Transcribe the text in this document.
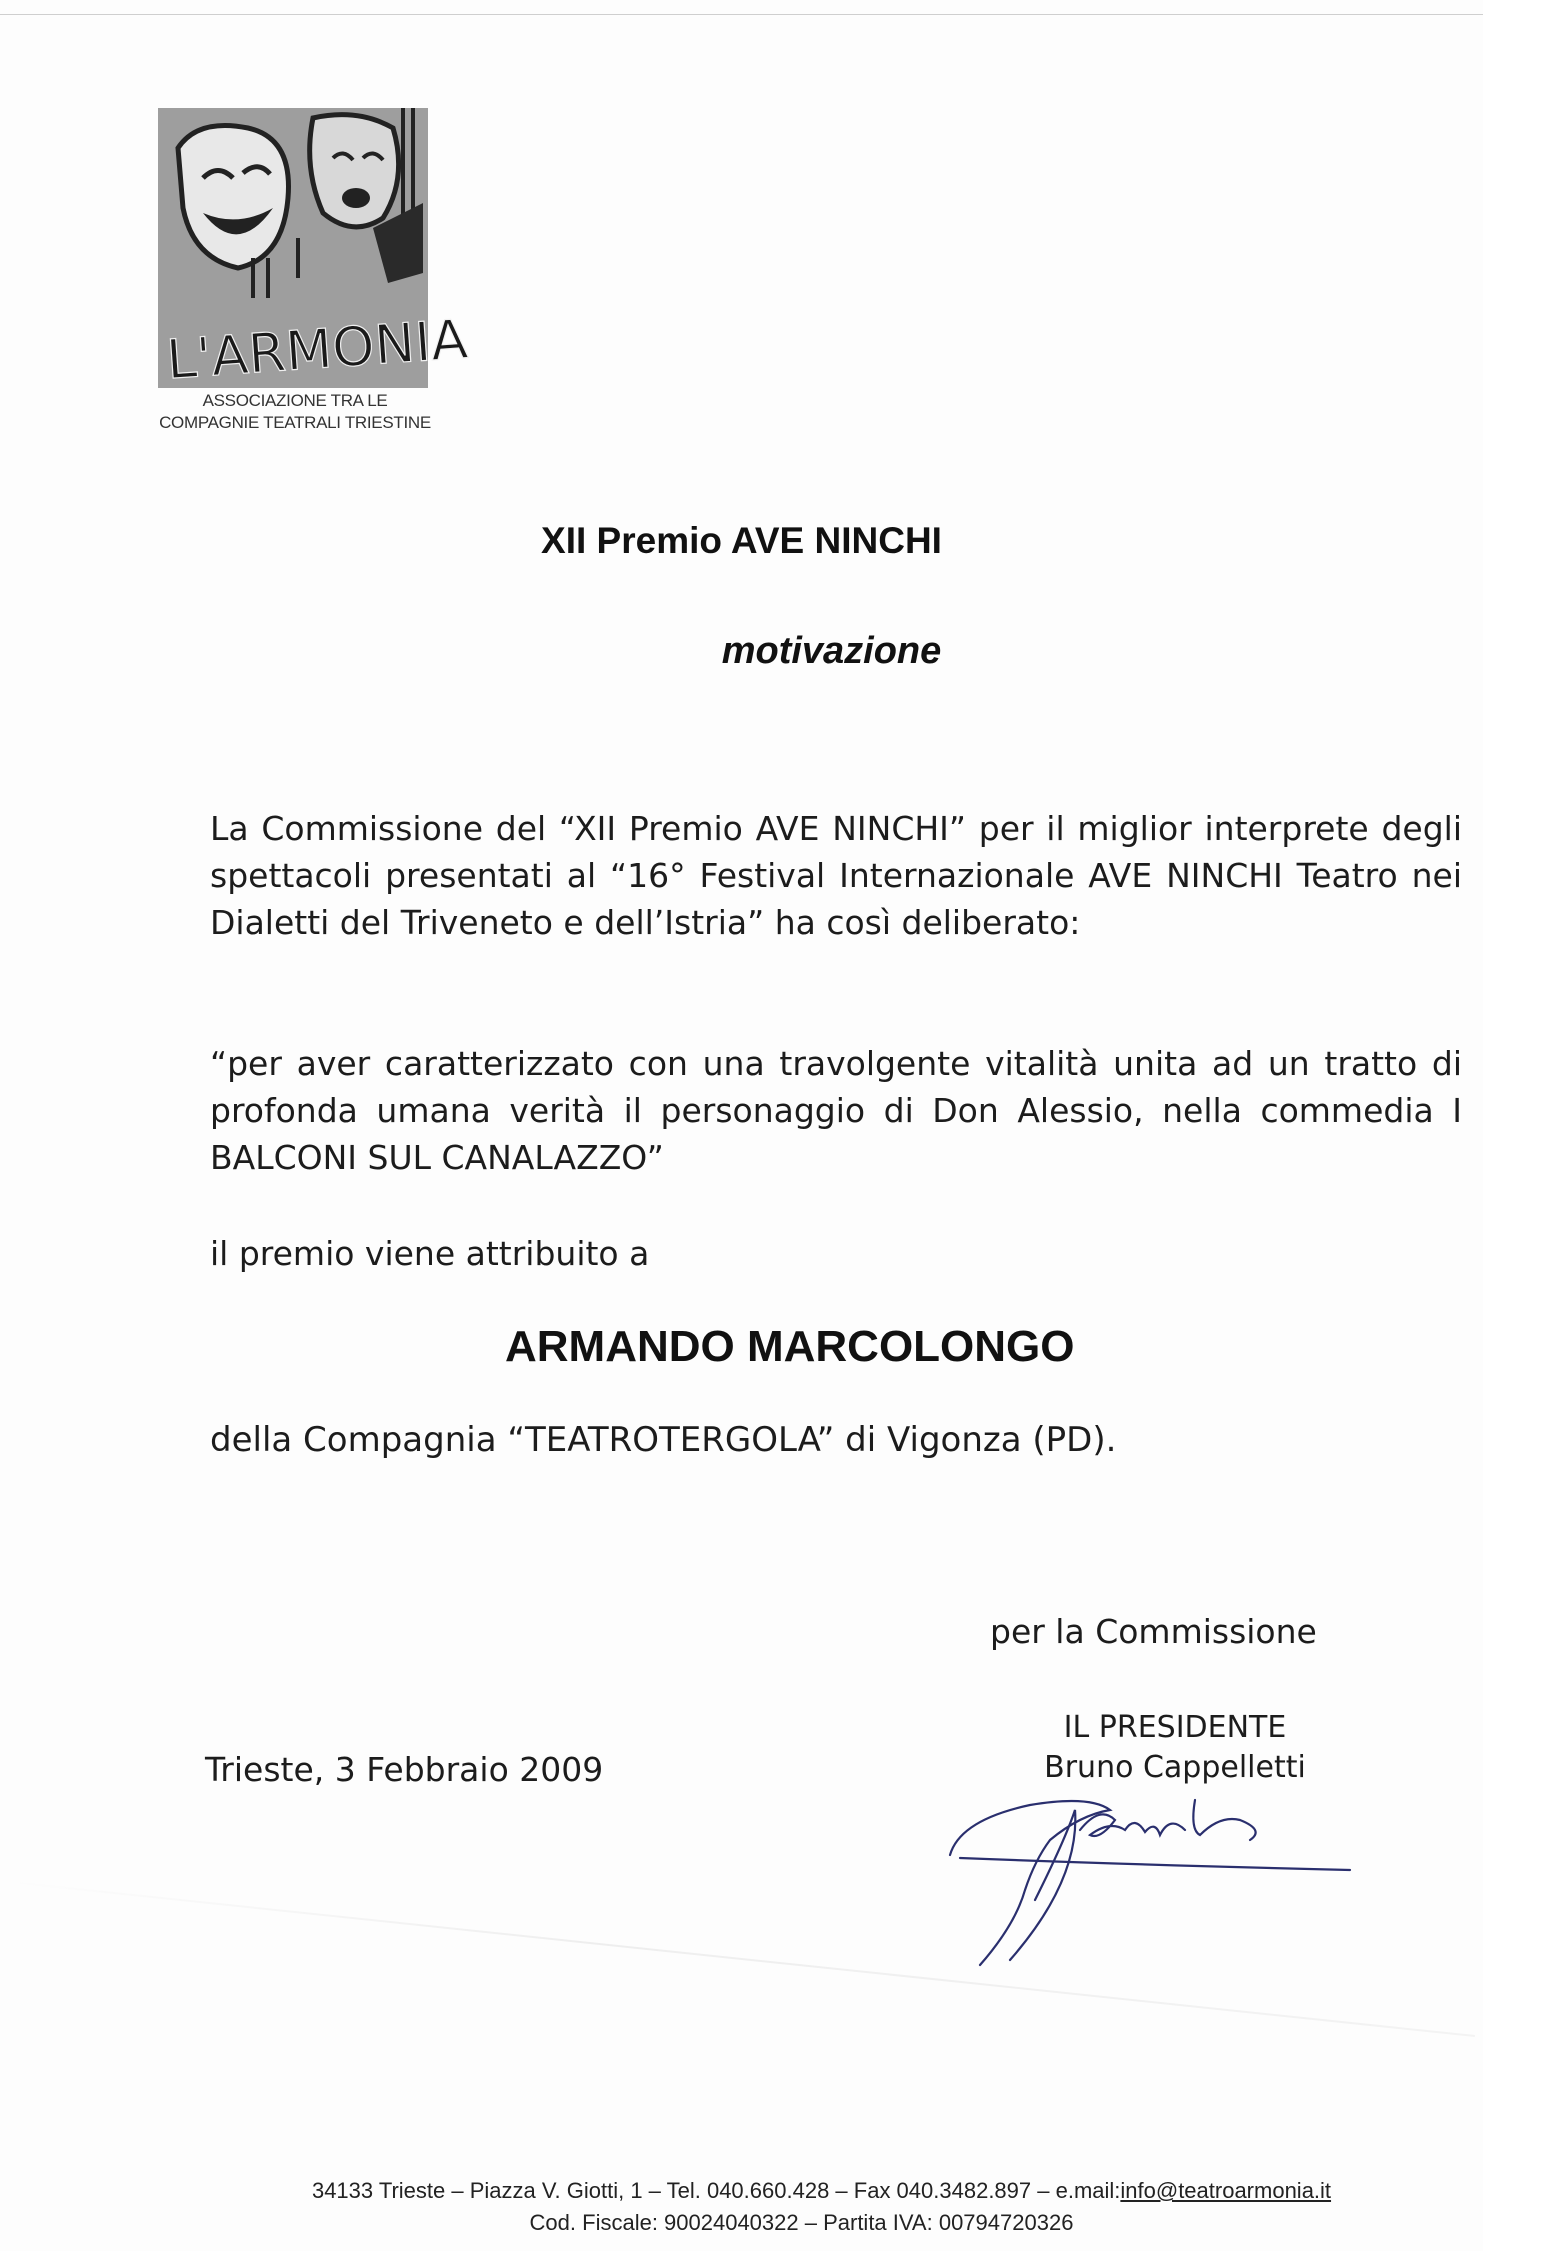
L'ARMONIA
ASSOCIAZIONE TRA LE
COMPAGNIE TEATRALI TRIESTINE
XII Premio AVE NINCHI
motivazione
La Commissione del “XII Premio AVE NINCHI” per il miglior interprete degli spettacoli presentati al “16° Festival Internazionale AVE NINCHI Teatro nei Dialetti del Triveneto e dell’Istria” ha così deliberato:
“per aver caratterizzato con una travolgente vitalità unita ad un tratto di profonda umana verità il personaggio di Don Alessio, nella commedia I BALCONI SUL CANALAZZO”
il premio viene attribuito a
ARMANDO MARCOLONGO
della Compagnia “TEATROTERGOLA” di Vigonza (PD).
per la Commissione
Trieste, 3 Febbraio 2009
IL PRESIDENTE
Bruno Cappelletti
34133 Trieste – Piazza V. Giotti, 1 – Tel. 040.660.428 – Fax 040.3482.897 – e.mail:info@teatroarmonia.it
Cod. Fiscale: 90024040322 – Partita IVA: 00794720326
